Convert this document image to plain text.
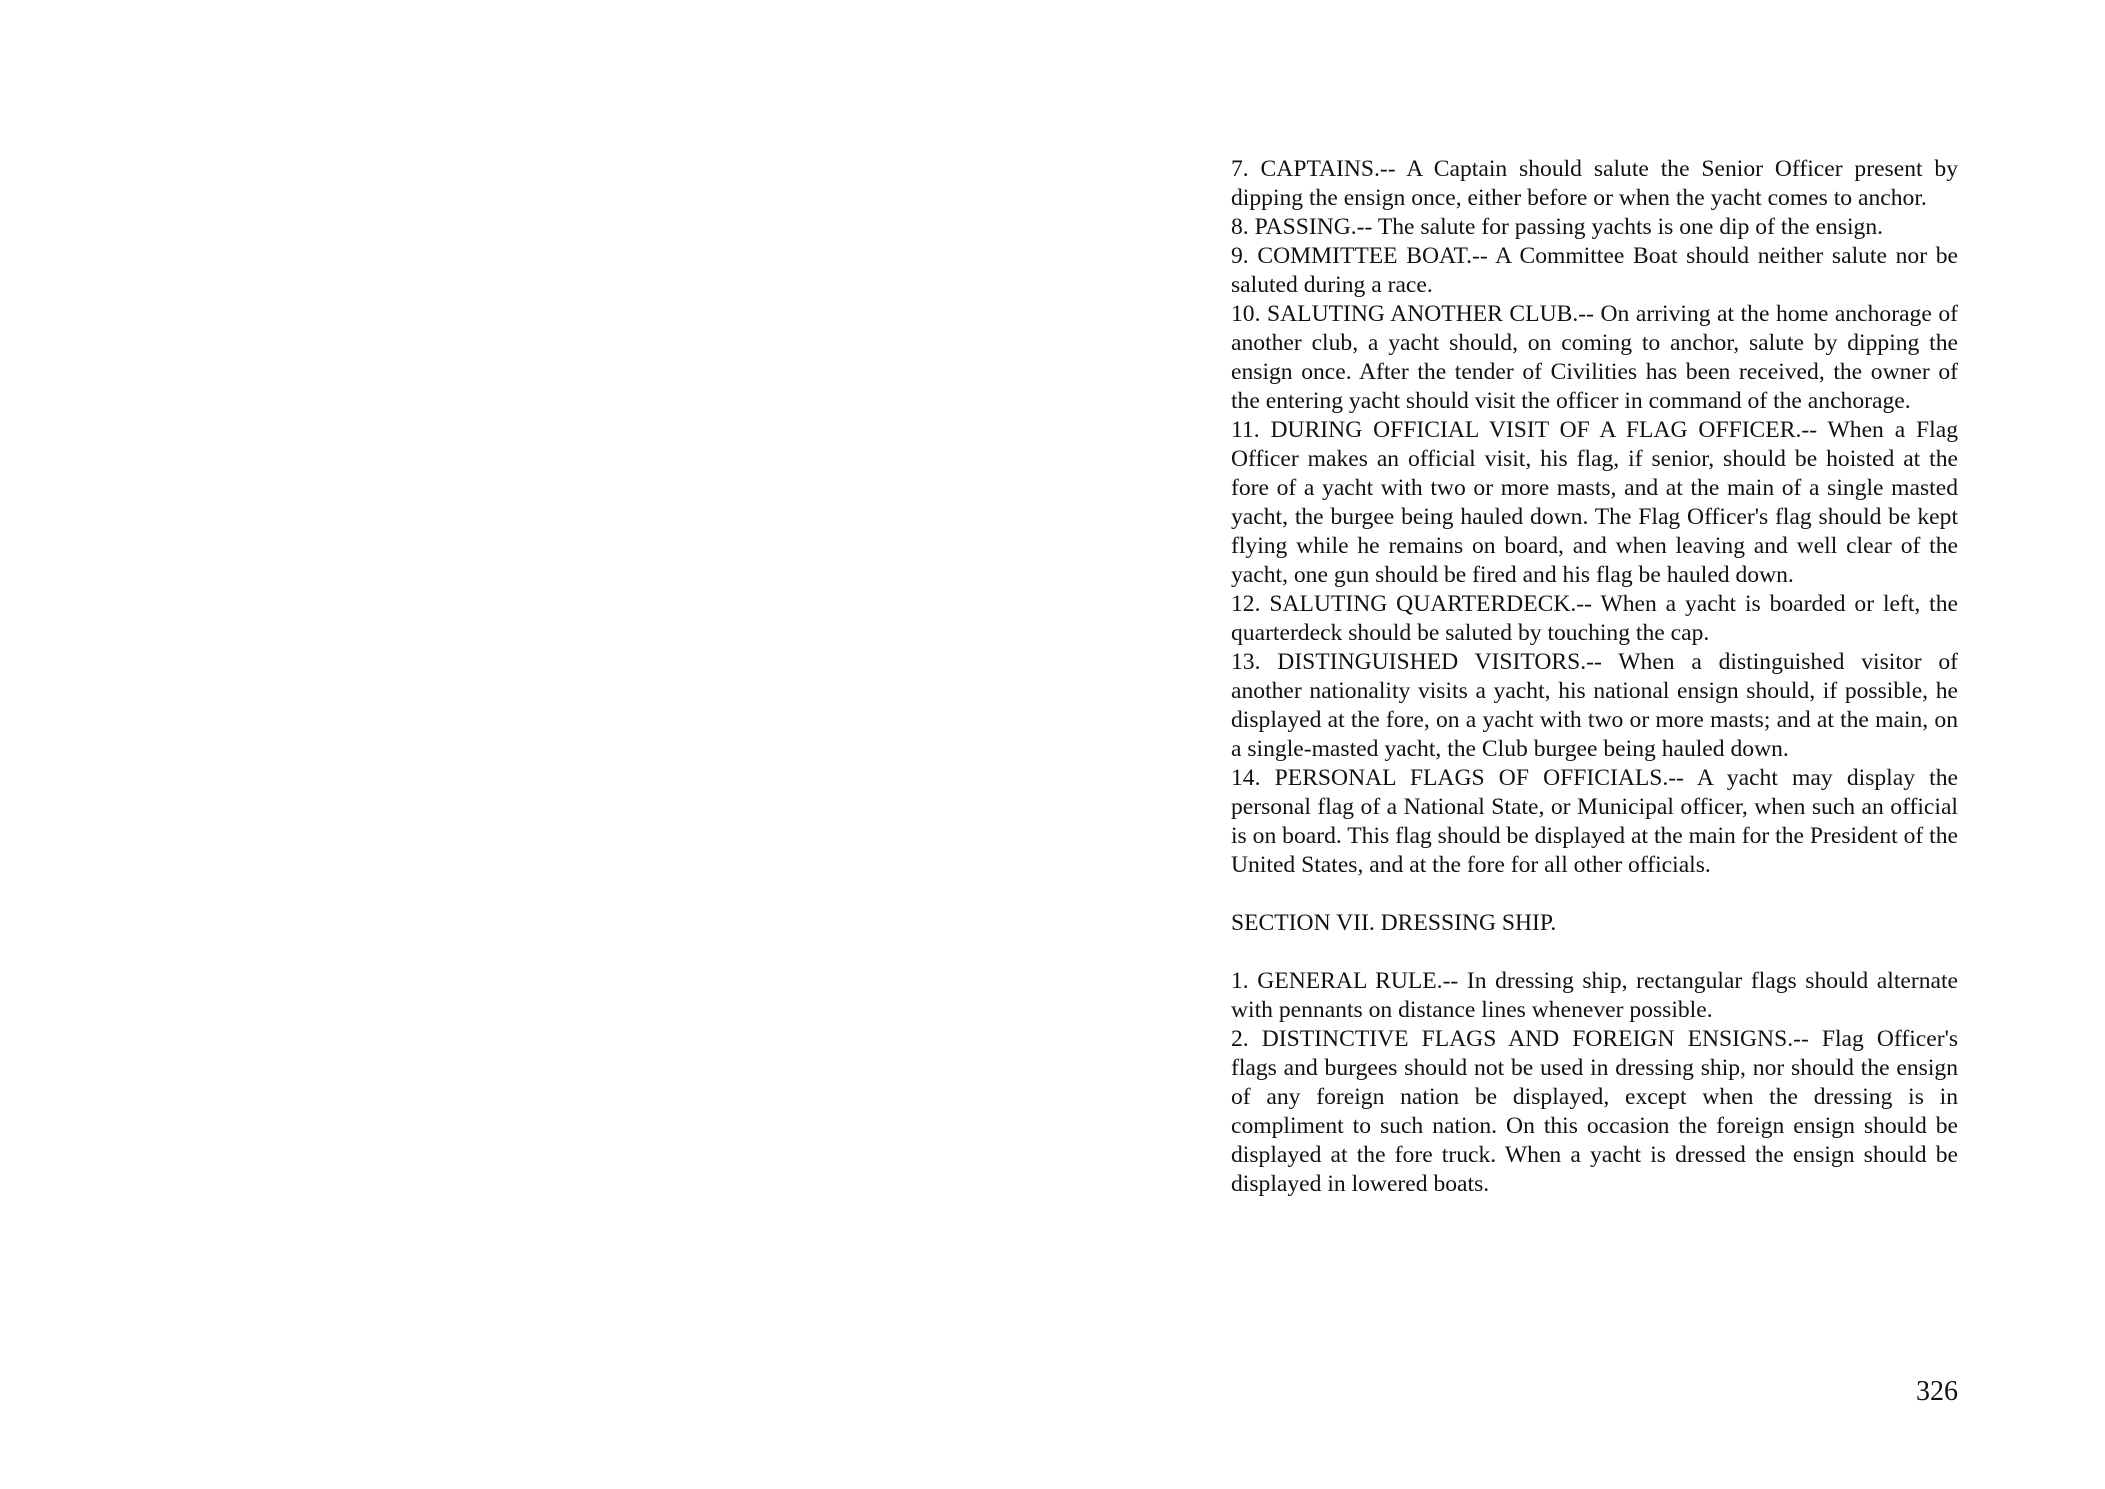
7. CAPTAINS.-- A Captain should salute the Senior Officer present by dipping the ensign once, either before or when the yacht comes to anchor.

8. PASSING.-- The salute for passing yachts is one dip of the ensign.

9. COMMITTEE BOAT.-- A Committee Boat should neither salute nor be saluted during a race.

10. SALUTING ANOTHER CLUB.-- On arriving at the home anchorage of another club, a yacht should, on coming to anchor, salute by dipping the ensign once. After the tender of Civilities has been received, the owner of the entering yacht should visit the officer in command of the anchorage.

11. DURING OFFICIAL VISIT OF A FLAG OFFICER.-- When a Flag Officer makes an official visit, his flag, if senior, should be hoisted at the fore of a yacht with two or more masts, and at the main of a single masted yacht, the burgee being hauled down. The Flag Officer's flag should be kept flying while he remains on board, and when leaving and well clear of the yacht, one gun should be fired and his flag be hauled down.

12. SALUTING QUARTERDECK.-- When a yacht is boarded or left, the quarterdeck should be saluted by touching the cap.

13. DISTINGUISHED VISITORS.-- When a distinguished visitor of another nationality visits a yacht, his national ensign should, if possible, he displayed at the fore, on a yacht with two or more masts; and at the main, on a single-masted yacht, the Club burgee being hauled down.

14. PERSONAL FLAGS OF OFFICIALS.-- A yacht may display the personal flag of a National State, or Municipal officer, when such an official is on board. This flag should be displayed at the main for the President of the United States, and at the fore for all other officials.

SECTION VII. DRESSING SHIP.

1. GENERAL RULE.-- In dressing ship, rectangular flags should alternate with pennants on distance lines whenever possible.

2. DISTINCTIVE FLAGS AND FOREIGN ENSIGNS.-- Flag Officer's flags and burgees should not be used in dressing ship, nor should the ensign of any foreign nation be displayed, except when the dressing is in compliment to such nation. On this occasion the foreign ensign should be displayed at the fore truck. When a yacht is dressed the ensign should be displayed in lowered boats.

326
